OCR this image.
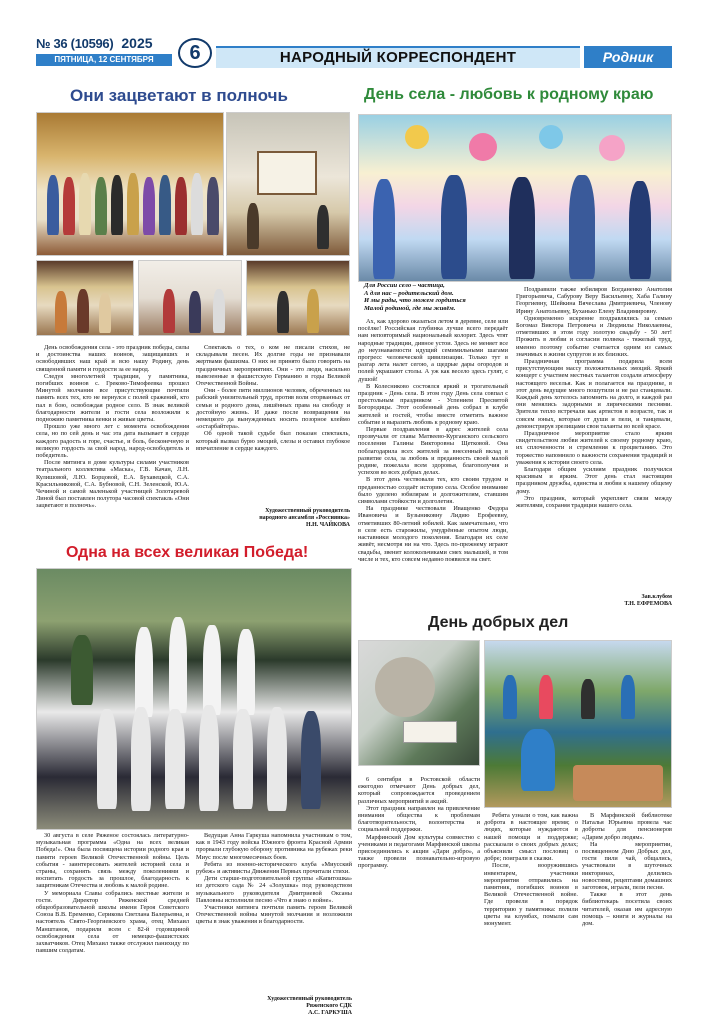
№ 36 (10596) 2025
ПЯТНИЦА, 12 СЕНТЯБРЯ	6	НАРОДНЫЙ КОРРЕСПОНДЕНТ	Родник
Они зацветают в полночь

День освобождения села - это праздник победы, силы и достоинства наших воинов, защищавших и освободивших наш край и всю нашу Родину, день священной памяти и гордости за ее народ.

Следуя многолетней традиции, у памятника, погибших воинов с. Греково-Тимофеевка прошел Минутой молчания все присутствующие почтили память всех тех, кто не вернулся с полей сражений, кто пал в бою, освобождая родное село. В знак великой благодарности жители и гости села возложили к подножию памятника венки и живые цветы.

Прошло уже много лет с момента освобождения села, но по сей день и час эта дата вызывает в сердце каждого радость и горе, счастье, и боль, бесконечную и великую гордость за свой народ, народ-освободитель и победитель.

После митинга в доме культуры силами участников театрального коллектива «Маска», Г.В. Качан, Л.Н. Кулишовой, Л.Ю. Борцовой, Е.А. Бухавецкой, С.А. Красильниковой, С.А. Бубновой, С.Н. Зеленской, Ю.А. Чечиной и самой маленькой участницей Золотаревой Линой был поставлен полутора часовой спектакль «Они зацветают в полночь».

Спектакль о тех, о ком не писали стихов, не складывали песен. Их долгие годы не признавали жертвами фашизма. О них не принято было говорить на праздничных мероприятиях. Они - это люди, насильно вывезенные в фашистскую Германию в годы Великой Отечественной Войны.

Они - более пяти миллионов человек, обреченных на рабский унизительный труд, против воли оторванных от семьи и родного дома, лишённых права на свободу и достойную жизнь. И даже после возвращения на немецкого да вынужденных носить позорное клеймо «остарбайтера».

Об одной такой судьбе был показан спектакль, который вызвал бурю эмоций, слезы и оставил глубокое впечатление в сердце каждого.

Художественный руководитель
народного ансамбля «Россиянка»
Н.Н. ЧАЙКОВА
Одна на всех великая Победа!

30 августа в селе Ряженое состоялась литературно-музыкальная программа «Одна на всех великая Победа!». Она была посвящена истории родного края и памяти героев Великой Отечественной войны. Цель события - заинтересовать жителей историей села и страны, сохранять связь между поколениями и воспитать гордость за прошлое, благодарность к защитникам Отечества и любовь к малой родине.

У мемориала Славы собрались местные жители и гости. Директор Ряженской средней общеобразовательной школы имени Героя Советского Союза В.В. Еременко, Серикова Светлана Валерьевна, и настоятель Свято-Георгиевского храма, отец Михаил Манштанов, подарили всем с 82-й годовщиной освобождения села от немецко-фашистских захватчиков. Отец Михаил также отслужил панихиду по павшим солдатам.

Ведущая Анна Гаркуша напомнила участникам о том, как в 1943 году войска Южного фронта Красной Армии прорвали глубокую оборону противника на рубежах реки Миус после многомесячных боев.

Ребята из военно-исторического клуба «Миусский рубеж» и активисты Движения Первых прочитали стихи.

Дети старше-подготовительной группы «Капитошка» из детского сада № 24 «Золушка» под руководством музыкального руководителя Дмитриевой Оксаны Павловны исполнили песню «Что я знаю о войне».

Участники митинга почтили память героев Великой Отечественной войны минутой молчания и возложили цветы в знак уважения и благодарности.

Художественный руководитель
Ряженского СДК
А.С. ГАРКУША
День села - любовь к родному краю
Для России село – частица,
А для нас – родительский дом.
И мы рады, что можем гордиться
Малой родиной, где мы живём.

Ах, как здорово оказаться летом в деревне, селе или посёлке! Российская глубинка лучше всего передаёт нам неповторимый национальный колорит. Здесь чтят народные традиции, дивное устои. Здесь не меняет все до неузнаваемости идущий семимильными шагами прогресс человеческой цивилизации. Только тут в разгар лета налет сегою, а щедрые дары огородов и полей украшают столы. А уж как весело здесь гулят, с душой!

В Колесниково состоялся яркий и трогательный праздник - День села. В этом году День села совпал с престольным праздником - Успением Пресвятой Богородицы. Этот особенный день собрал в клубе жителей и гостей, чтобы вместе отметить важное событие и выразить любовь к родному краю.

Первые поздравления в адрес жителей села прозвучали от главы Матвеево-Курганского сельского поселения Галины Викторовны Щетковой. Она поблагодарила всех жителей за внесенный вклад в развитие села, за любовь и преданность своей малой родине, пожелала всем здоровья, благополучия и успехов во всех добрых делах.

В этот день чествовали тех, кто своим трудом и преданностью создаёт историю села. Особое внимание было уделено юбилярам и долгожителям, ставшим символами стойкости и долголетия.

На празднике чествовали Иващенко Федора Ивановича и Бузыниковну Лидию Ерофеевну, отметивших 80-летний юбилей. Как замечательно, что в селе есть старожилы, умудрённые опытом люди, наставники молодого поколения. Благодаря их селе живёт, несмотря ни на что. Здесь по-прежнему играют свадьбы, звенит колокольчиками смех малышей, в том числе и тех, кто совсем недавно появился на свет.

Поздравили также юбиляров Богданенко Анатолия Григорьевича, Сабурову Веру Васильевну, Хаба Галину Георгиевну, Шейкина Вячеслава Дмитриевича, Членову Ирину Анатольевну, Буханько Елену Владимировну.

Одновременно искренне поздравлялись за семью Богомаз Виктора Петровича и Людмилы Николаевны, отметивших в этом году золотую свадьбу - 50 лет! Прожить в любви и согласии полвека - тяжелый труд, именно поэтому событие считается одним из самых значимых в жизни супругов и их близких.

Праздничная программа подарила всем присутствующим массу положительных эмоций. Яркий концерт с участием местных талантов создали атмосферу настоящего веселья. Как и полагается на празднике, в этот день ведущие много пошутили и не раз станцевали. Каждый день хотелось запомнить на долго, и каждой раз они менялись задорными и лирическими песнями. Зрители тепло встречали как артистов в возрасте, так и совсем юных, которые от души и пели, и танцевали, демонстрируя зрелищами свои таланты во всей красе.

Праздничное мероприятие стало ярким свидетельством любви жителей к своему родному краю, их сплоченности и стремления к процветанию. Это торжество напомнило о важности сохранения традиций и уважения к истории своего села.

Благодаря общим усилиям праздник получился красивым и ярким. Этот день стал настоящим праздником дружбы, единства и любви к нашему общему дому.

Это праздник, который укрепляет связи между жителями, сохраняя традиции нашего села.

Зав.клубом
Т.Н. ЕФРЕМОВА
День добрых дел

6 сентября в Ростовской области ежегодно отмечают День добрых дел, который сопровождается проведением различных мероприятий и акций.

Этот праздник направлен на привлечение внимания общества к проблемам благотворительности, волонтерства и социальной поддержки.

Марфинский Дом культуры совместно с учениками и педагогами Марфинской школы присоединились к акции «Дари добро», а также провели познавательно-игровую программу.

Ребята узнали о том, как важна доброта в настоящее время; о людях, которые нуждаются в нашей помощи и поддержке; рассказали о своих добрых делах; объяснили смысл пословиц о добре; поиграли в сказки.

После, вооружившись инвентарем, участники мероприятия отправились на памятник, погибших воинов в Великой Отечественной войне. Где провели в порядок территорию у памятника: полили цветы на клумбах, помыли сам монумент.

В Марфинской библиотеке Наталья Юрьевна провела час доброты для пенсионеров «Дарим добро людям».

На мероприятии, посвященном Дню Добрых дел, гости пили чай, общались, участвовали в шуточных викторинах, делились новостями, рецептами домашних заготовок, играли, пели песни.

Также в этот день библиотекарь посетила своих читателей, оказав им адресную помощь – книги и журналы на дом.
